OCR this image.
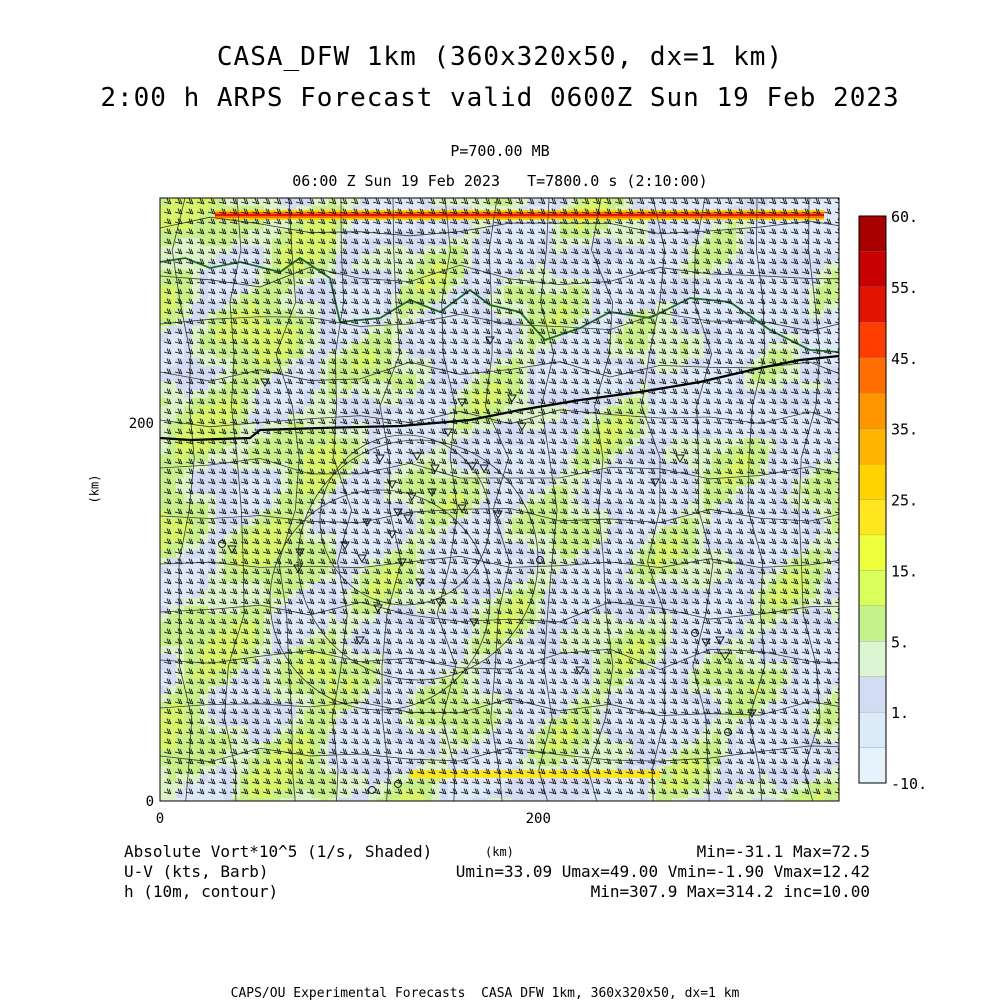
CASA_DFW 1km (360x320x50, dx=1 km)
2:00 h ARPS Forecast valid 0600Z Sun 19 Feb 2023
P=700.00 MB
06:00 Z Sun 19 Feb 2023   T=7800.0 s (2:10:00)
0	200
0
200
60.
55.
45.
35.
25.
15.
5.
1.
-10.
(km)
Absolute Vort*10^5 (1/s, Shaded)	(km)	Min=-31.1 Max=72.5
U-V (kts, Barb)	Umin=33.09 Umax=49.00 Vmin=-1.90 Vmax=12.42
h (10m, contour)	Min=307.9 Max=314.2 inc=10.00
CAPS/OU Experimental Forecasts  CASA DFW 1km, 360x320x50, dx=1 km
